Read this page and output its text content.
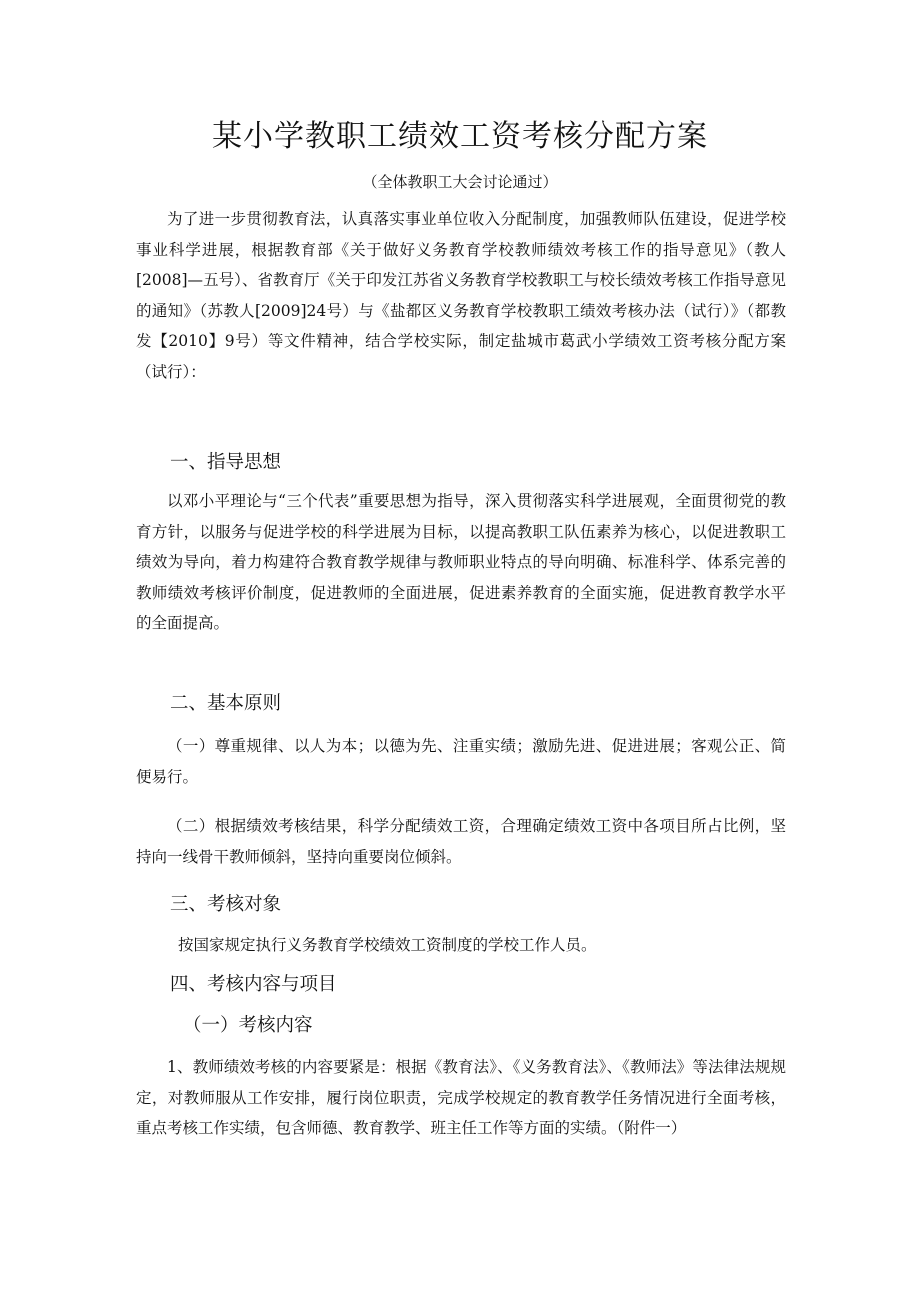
某小学教职工绩效工资考核分配方案
（全体教职工大会讨论通过）

为了进一步贯彻教育法，认真落实事业单位收入分配制度，加强教师队伍建设，促进学校事业科学进展，根据教育部《关于做好义务教育学校教师绩效考核工作的指导意见》（教人[2008]—五号）、省教育厅《关于印发江苏省义务教育学校教职工与校长绩效考核工作指导意见的通知》（苏教人[2009]24号）与《盐都区义务教育学校教职工绩效考核办法（试行）》（都教发【2010】9号）等文件精神，结合学校实际，制定盐城市葛武小学绩效工资考核分配方案（试行）：

一、指导思想

以邓小平理论与“三个代表”重要思想为指导，深入贯彻落实科学进展观，全面贯彻党的教育方针，以服务与促进学校的科学进展为目标，以提高教职工队伍素养为核心，以促进教职工绩效为导向，着力构建符合教育教学规律与教师职业特点的导向明确、标准科学、体系完善的教师绩效考核评价制度，促进教师的全面进展，促进素养教育的全面实施，促进教育教学水平的全面提高。

二、基本原则

（一）尊重规律、以人为本；以德为先、注重实绩；激励先进、促进进展；客观公正、简便易行。

（二）根据绩效考核结果，科学分配绩效工资，合理确定绩效工资中各项目所占比例，坚持向一线骨干教师倾斜，坚持向重要岗位倾斜。

三、考核对象

按国家规定执行义务教育学校绩效工资制度的学校工作人员。

四、考核内容与项目
（一）考核内容

1、教师绩效考核的内容要紧是：根据《教育法》、《义务教育法》、《教师法》等法律法规规定，对教师服从工作安排，履行岗位职责，完成学校规定的教育教学任务情况进行全面考核，重点考核工作实绩，包含师德、教育教学、班主任工作等方面的实绩。（附件一）
